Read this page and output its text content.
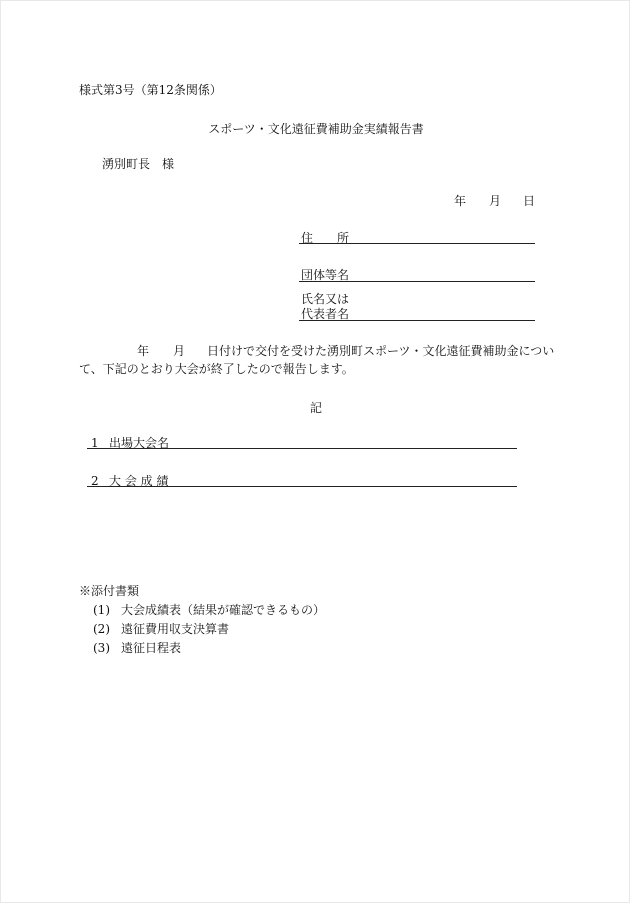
様式第3号（第12条関係）
スポーツ・文化遠征費補助金実績報告書
湧別町長　様
年 月 日
住　　所
団体等名
氏名又は
代表者名
年 月 日付けで交付を受けた湧別町スポーツ・文化遠征費補助金につい
て、下記のとおり大会が終了したので報告します。
記
1 出場大会名
2 大 会 成 績
※添付書類
(1) 大会成績表（結果が確認できるもの）
(2) 遠征費用収支決算書
(3) 遠征日程表
